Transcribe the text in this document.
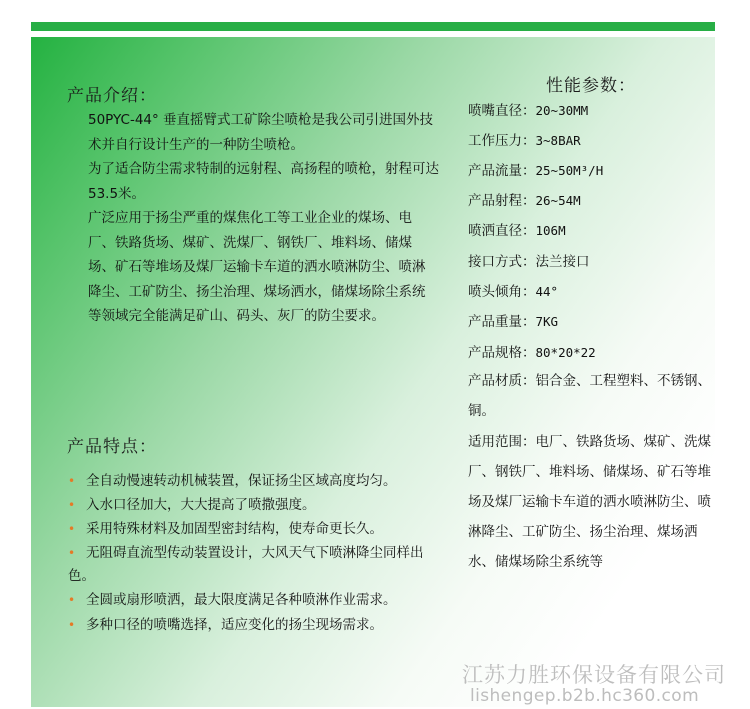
产品介绍：

50PYC-44° 垂直摇臂式工矿除尘喷枪是我公司引进国外技术并自行设计生产的一种防尘喷枪。

为了适合防尘需求特制的远射程、高扬程的喷枪，射程可达53.5米。

广泛应用于扬尘严重的煤焦化工等工业企业的煤场、电厂、铁路货场、煤矿、洗煤厂、钢铁厂、堆料场、储煤场、矿石等堆场及煤厂运输卡车道的洒水喷淋防尘、喷淋降尘、工矿防尘、扬尘治理、煤场洒水，储煤场除尘系统等领域完全能满足矿山、码头、灰厂的防尘要求。

产品特点：

• 全自动慢速转动机械装置，保证扬尘区域高度均匀。

• 入水口径加大，大大提高了喷撒强度。

• 采用特殊材料及加固型密封结构，使寿命更长久。

• 无阻碍直流型传动装置设计，大风天气下喷淋降尘同样出色。

• 全圆或扇形喷洒，最大限度满足各种喷淋作业需求。

• 多种口径的喷嘴选择，适应变化的扬尘现场需求。

性能参数：
喷嘴直径：20~30MM
工作压力：3~8BAR
产品流量：25~50M³/H
产品射程：26~54M
喷洒直径：106M
接口方式：法兰接口
喷头倾角：44°
产品重量：7KG
产品规格：80*20*22

产品材质：铝合金、工程塑料、不锈钢、铜。

适用范围：电厂、铁路货场、煤矿、洗煤厂、钢铁厂、堆料场、储煤场、矿石等堆场及煤厂运输卡车道的洒水喷淋防尘、喷淋降尘、工矿防尘、扬尘治理、煤场洒水、储煤场除尘系统等

江苏力胜环保设备有限公司
lishengep.b2b.hc360.com
